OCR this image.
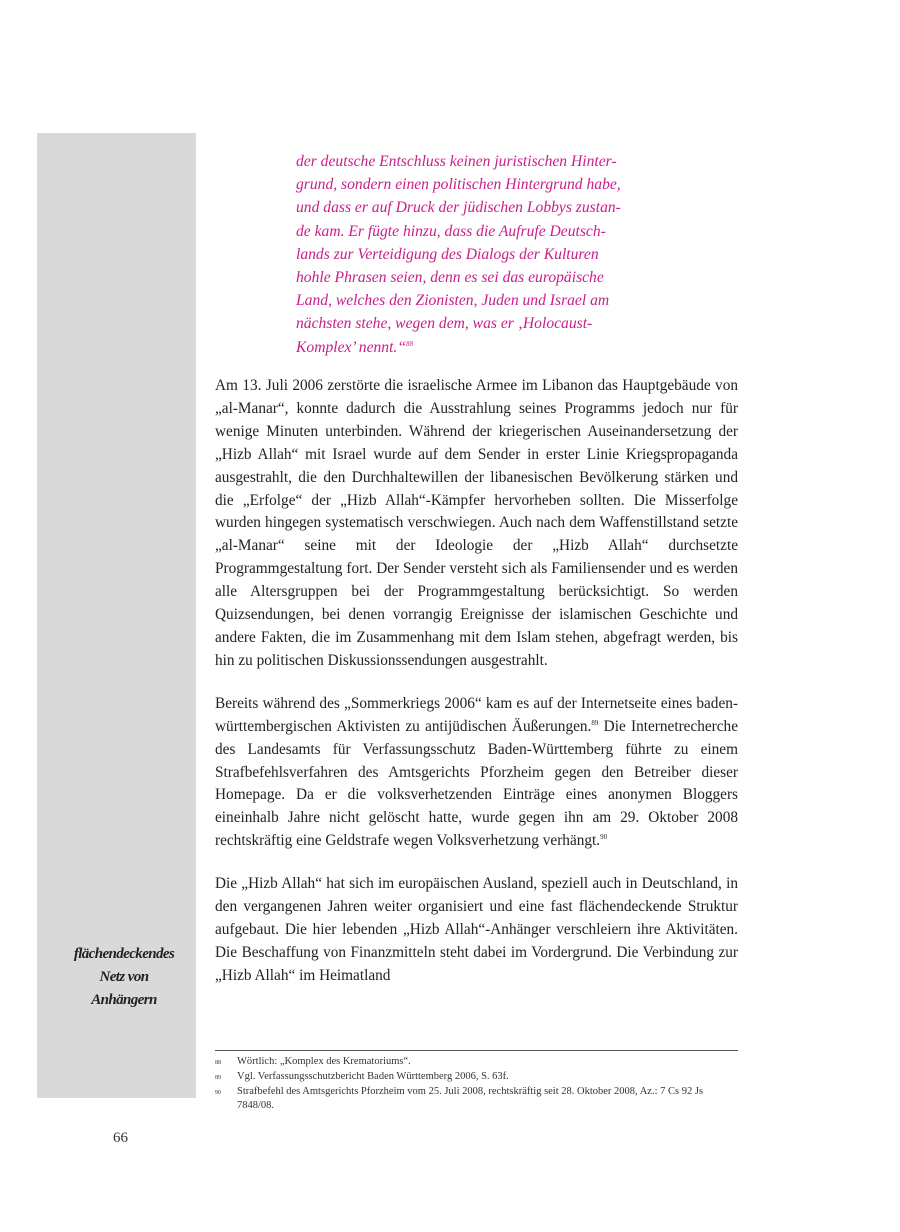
der deutsche Entschluss keinen juristischen Hinter-
grund, sondern einen politischen Hintergrund habe,
und dass er auf Druck der jüdischen Lobbys zustan-
de kam. Er fügte hinzu, dass die Aufrufe Deutsch-
lands zur Verteidigung des Dialogs der Kulturen
hohle Phrasen seien, denn es sei das europäische
Land, welches den Zionisten, Juden und Israel am
nächsten stehe, wegen dem, was er ‚Holocaust-
Komplex’ nennt.“$^{88}$

Am 13. Juli 2006 zerstörte die israelische Armee im Libanon das Hauptgebäude von „al-Manar“, konnte dadurch die Ausstrahlung seines Programms jedoch nur für wenige Minuten unterbinden. Während der kriegerischen Auseinandersetzung der „Hizb Allah“ mit Israel wurde auf dem Sender in erster Linie Kriegspropaganda ausgestrahlt, die den Durchhaltewillen der libanesischen Bevölkerung stärken und die „Erfolge“ der „Hizb Allah“-Kämpfer hervorheben sollten. Die Misserfolge wurden hingegen systematisch verschwiegen. Auch nach dem Waffenstillstand setzte „al-Manar“ seine mit der Ideologie der „Hizb Allah“ durchsetzte Programmgestaltung fort. Der Sender versteht sich als Familiensender und es werden alle Altersgruppen bei der Programmgestaltung berücksichtigt. So werden Quizsendungen, bei denen vorrangig Ereignisse der islamischen Geschichte und andere Fakten, die im Zusammenhang mit dem Islam stehen, abgefragt werden, bis hin zu politischen Diskussionssendungen ausgestrahlt.

Bereits während des „Sommerkriegs 2006“ kam es auf der Internetseite eines baden-württembergischen Aktivisten zu antijüdischen Äußerungen.$^{89}$ Die Internetrecherche des Landesamts für Verfassungsschutz Baden-Württemberg führte zu einem Strafbefehlsverfahren des Amtsgerichts Pforzheim gegen den Betreiber dieser Homepage. Da er die volksverhetzenden Einträge eines anonymen Bloggers eineinhalb Jahre nicht gelöscht hatte, wurde gegen ihn am 29. Oktober 2008 rechtskräftig eine Geldstrafe wegen Volksverhetzung verhängt.$^{90}$

Die „Hizb Allah“ hat sich im europäischen Ausland, speziell auch in Deutschland, in den vergangenen Jahren weiter organisiert und eine fast flächendeckende Struktur aufgebaut. Die hier lebenden „Hizb Allah“-Anhänger verschleiern ihre Aktivitäten. Die Beschaffung von Finanzmitteln steht dabei im Vordergrund. Die Verbindung zur „Hizb Allah“ im Heimatland

flächendeckendes
Netz von
Anhängern
88	Wörtlich: „Komplex des Krematoriums“.
89	Vgl. Verfassungsschutzbericht Baden Württemberg 2006, S. 63f.
90	Strafbefehl des Amtsgerichts Pforzheim vom 25. Juli 2008, rechtskräftig seit 28. Oktober 2008, Az.: 7 Cs 92 Js 7848/08.
66
